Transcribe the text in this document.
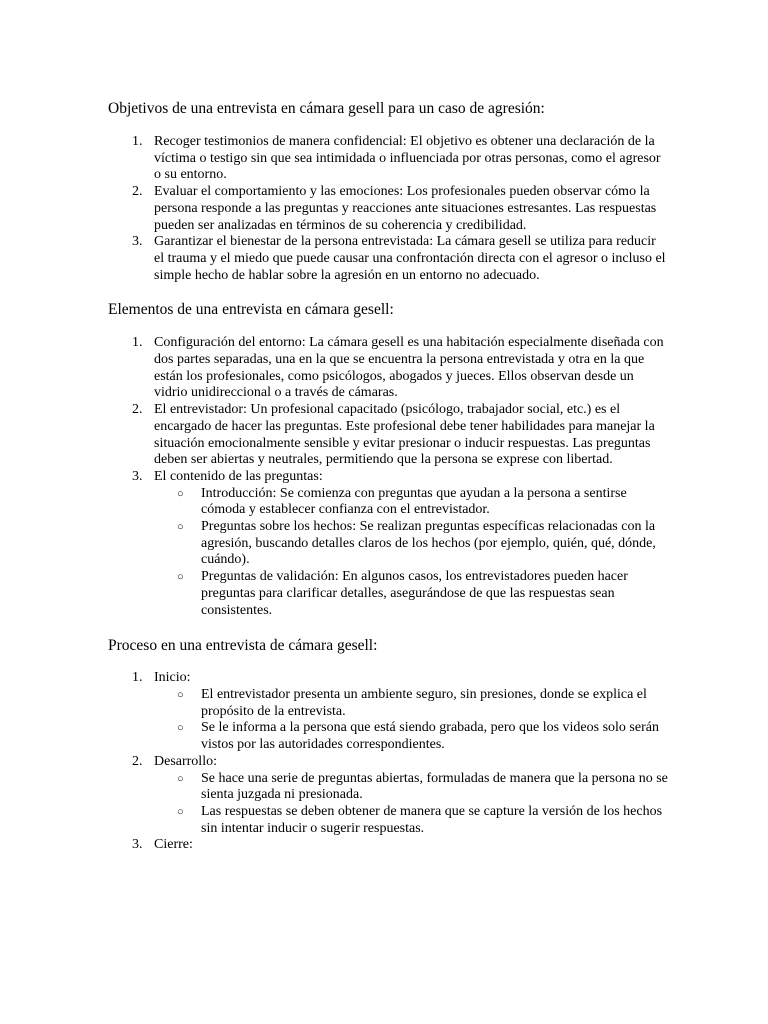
Objetivos de una entrevista en cámara gesell para un caso de agresión:
1. Recoger testimonios de manera confidencial: El objetivo es obtener una declaración de la víctima o testigo sin que sea intimidada o influenciada por otras personas, como el agresor o su entorno.
2. Evaluar el comportamiento y las emociones: Los profesionales pueden observar cómo la persona responde a las preguntas y reacciones ante situaciones estresantes. Las respuestas pueden ser analizadas en términos de su coherencia y credibilidad.
3. Garantizar el bienestar de la persona entrevistada: La cámara gesell se utiliza para reducir el trauma y el miedo que puede causar una confrontación directa con el agresor o incluso el simple hecho de hablar sobre la agresión en un entorno no adecuado.
Elementos de una entrevista en cámara gesell:
1. Configuración del entorno: La cámara gesell es una habitación especialmente diseñada con dos partes separadas, una en la que se encuentra la persona entrevistada y otra en la que están los profesionales, como psicólogos, abogados y jueces. Ellos observan desde un vidrio unidireccional o a través de cámaras.
2. El entrevistador: Un profesional capacitado (psicólogo, trabajador social, etc.) es el encargado de hacer las preguntas. Este profesional debe tener habilidades para manejar la situación emocionalmente sensible y evitar presionar o inducir respuestas. Las preguntas deben ser abiertas y neutrales, permitiendo que la persona se exprese con libertad.
3. El contenido de las preguntas:
○ Introducción: Se comienza con preguntas que ayudan a la persona a sentirse cómoda y establecer confianza con el entrevistador.
○ Preguntas sobre los hechos: Se realizan preguntas específicas relacionadas con la agresión, buscando detalles claros de los hechos (por ejemplo, quién, qué, dónde, cuándo).
○ Preguntas de validación: En algunos casos, los entrevistadores pueden hacer preguntas para clarificar detalles, asegurándose de que las respuestas sean consistentes.
Proceso en una entrevista de cámara gesell:
1. Inicio:
○ El entrevistador presenta un ambiente seguro, sin presiones, donde se explica el propósito de la entrevista.
○ Se le informa a la persona que está siendo grabada, pero que los videos solo serán vistos por las autoridades correspondientes.
2. Desarrollo:
○ Se hace una serie de preguntas abiertas, formuladas de manera que la persona no se sienta juzgada ni presionada.
○ Las respuestas se deben obtener de manera que se capture la versión de los hechos sin intentar inducir o sugerir respuestas.
3. Cierre:
